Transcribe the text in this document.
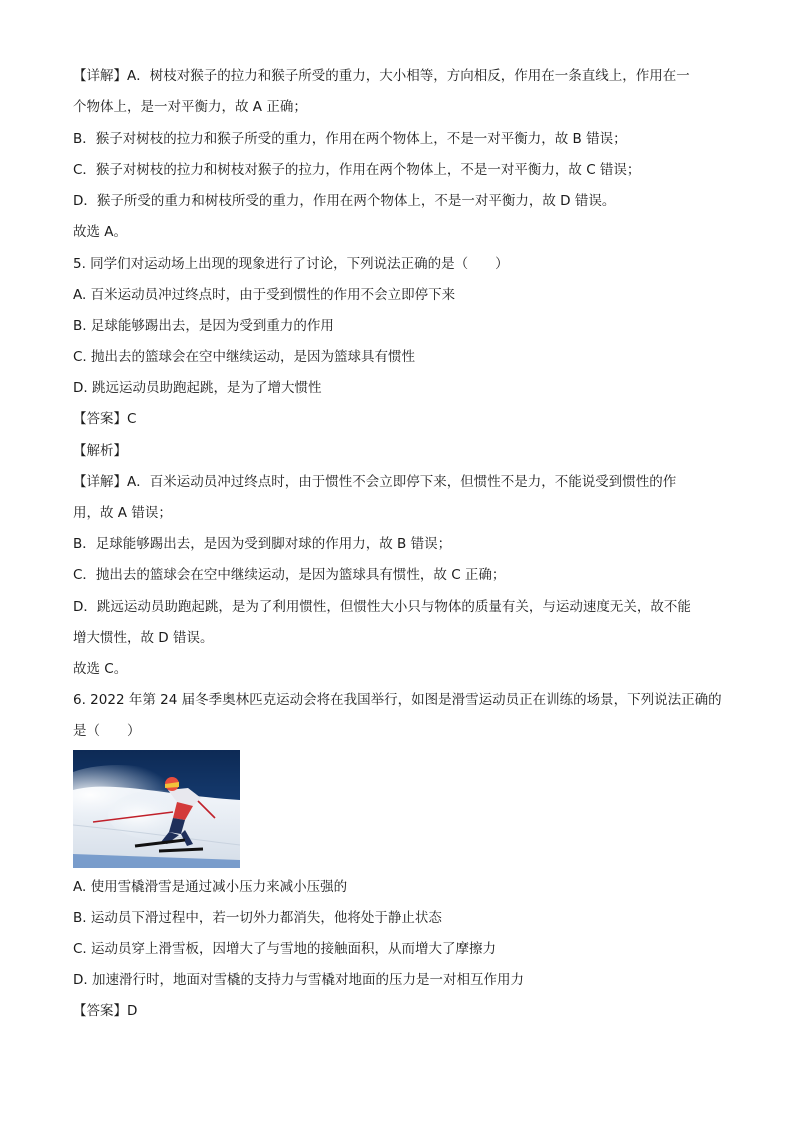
【详解】A．树枝对猴子的拉力和猴子所受的重力，大小相等，方向相反，作用在一条直线上，作用在一
个物体上，是一对平衡力，故 A 正确；
B．猴子对树枝的拉力和猴子所受的重力，作用在两个物体上，不是一对平衡力，故 B 错误；
C．猴子对树枝的拉力和树枝对猴子的拉力，作用在两个物体上，不是一对平衡力，故 C 错误；
D．猴子所受的重力和树枝所受的重力，作用在两个物体上，不是一对平衡力，故 D 错误。
故选 A。
5. 同学们对运动场上出现的现象进行了讨论，下列说法正确的是（　　）
A. 百米运动员冲过终点时，由于受到惯性的作用不会立即停下来
B. 足球能够踢出去，是因为受到重力的作用
C. 抛出去的篮球会在空中继续运动，是因为篮球具有惯性
D. 跳远运动员助跑起跳，是为了增大惯性
【答案】C
【解析】
【详解】A．百米运动员冲过终点时，由于惯性不会立即停下来，但惯性不是力，不能说受到惯性的作
用，故 A 错误；
B．足球能够踢出去，是因为受到脚对球的作用力，故 B 错误；
C．抛出去的篮球会在空中继续运动，是因为篮球具有惯性，故 C 正确；
D．跳远运动员助跑起跳，是为了利用惯性，但惯性大小只与物体的质量有关，与运动速度无关，故不能
增大惯性，故 D 错误。
故选 C。
6. 2022 年第 24 届冬季奥林匹克运动会将在我国举行，如图是滑雪运动员正在训练的场景，下列说法正确的
是（　　）
A. 使用雪橇滑雪是通过减小压力来减小压强的
B. 运动员下滑过程中，若一切外力都消失，他将处于静止状态
C. 运动员穿上滑雪板，因增大了与雪地的接触面积，从而增大了摩擦力
D. 加速滑行时，地面对雪橇的支持力与雪橇对地面的压力是一对相互作用力
【答案】D
